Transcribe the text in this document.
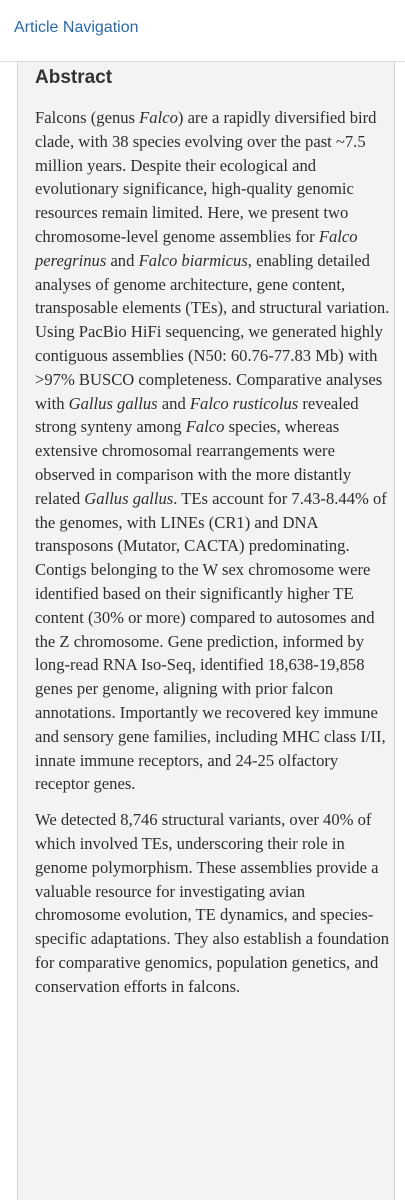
Article Navigation
Abstract

Falcons (genus Falco) are a rapidly diversified bird clade, with 38 species evolving over the past ~7.5 million years. Despite their ecological and evolutionary significance, high-quality genomic resources remain limited. Here, we present two chromosome-level genome assemblies for Falco peregrinus and Falco biarmicus, enabling detailed analyses of genome architecture, gene content, transposable elements (TEs), and structural variation. Using PacBio HiFi sequencing, we generated highly contiguous assemblies (N50: 60.76-77.83 Mb) with >97% BUSCO completeness. Comparative analyses with Gallus gallus and Falco rusticolus revealed strong synteny among Falco species, whereas extensive chromosomal rearrangements were observed in comparison with the more distantly related Gallus gallus. TEs account for 7.43-8.44% of the genomes, with LINEs (CR1) and DNA transposons (Mutator, CACTA) predominating. Contigs belonging to the W sex chromosome were identified based on their significantly higher TE content (30% or more) compared to autosomes and the Z chromosome. Gene prediction, informed by long-read RNA Iso-Seq, identified 18,638-19,858 genes per genome, aligning with prior falcon annotations. Importantly we recovered key immune and sensory gene families, including MHC class I/II, innate immune receptors, and 24-25 olfactory receptor genes.

We detected 8,746 structural variants, over 40% of which involved TEs, underscoring their role in genome polymorphism. These assemblies provide a valuable resource for investigating avian chromosome evolution, TE dynamics, and species-specific adaptations. They also establish a foundation for comparative genomics, population genetics, and conservation efforts in falcons.
